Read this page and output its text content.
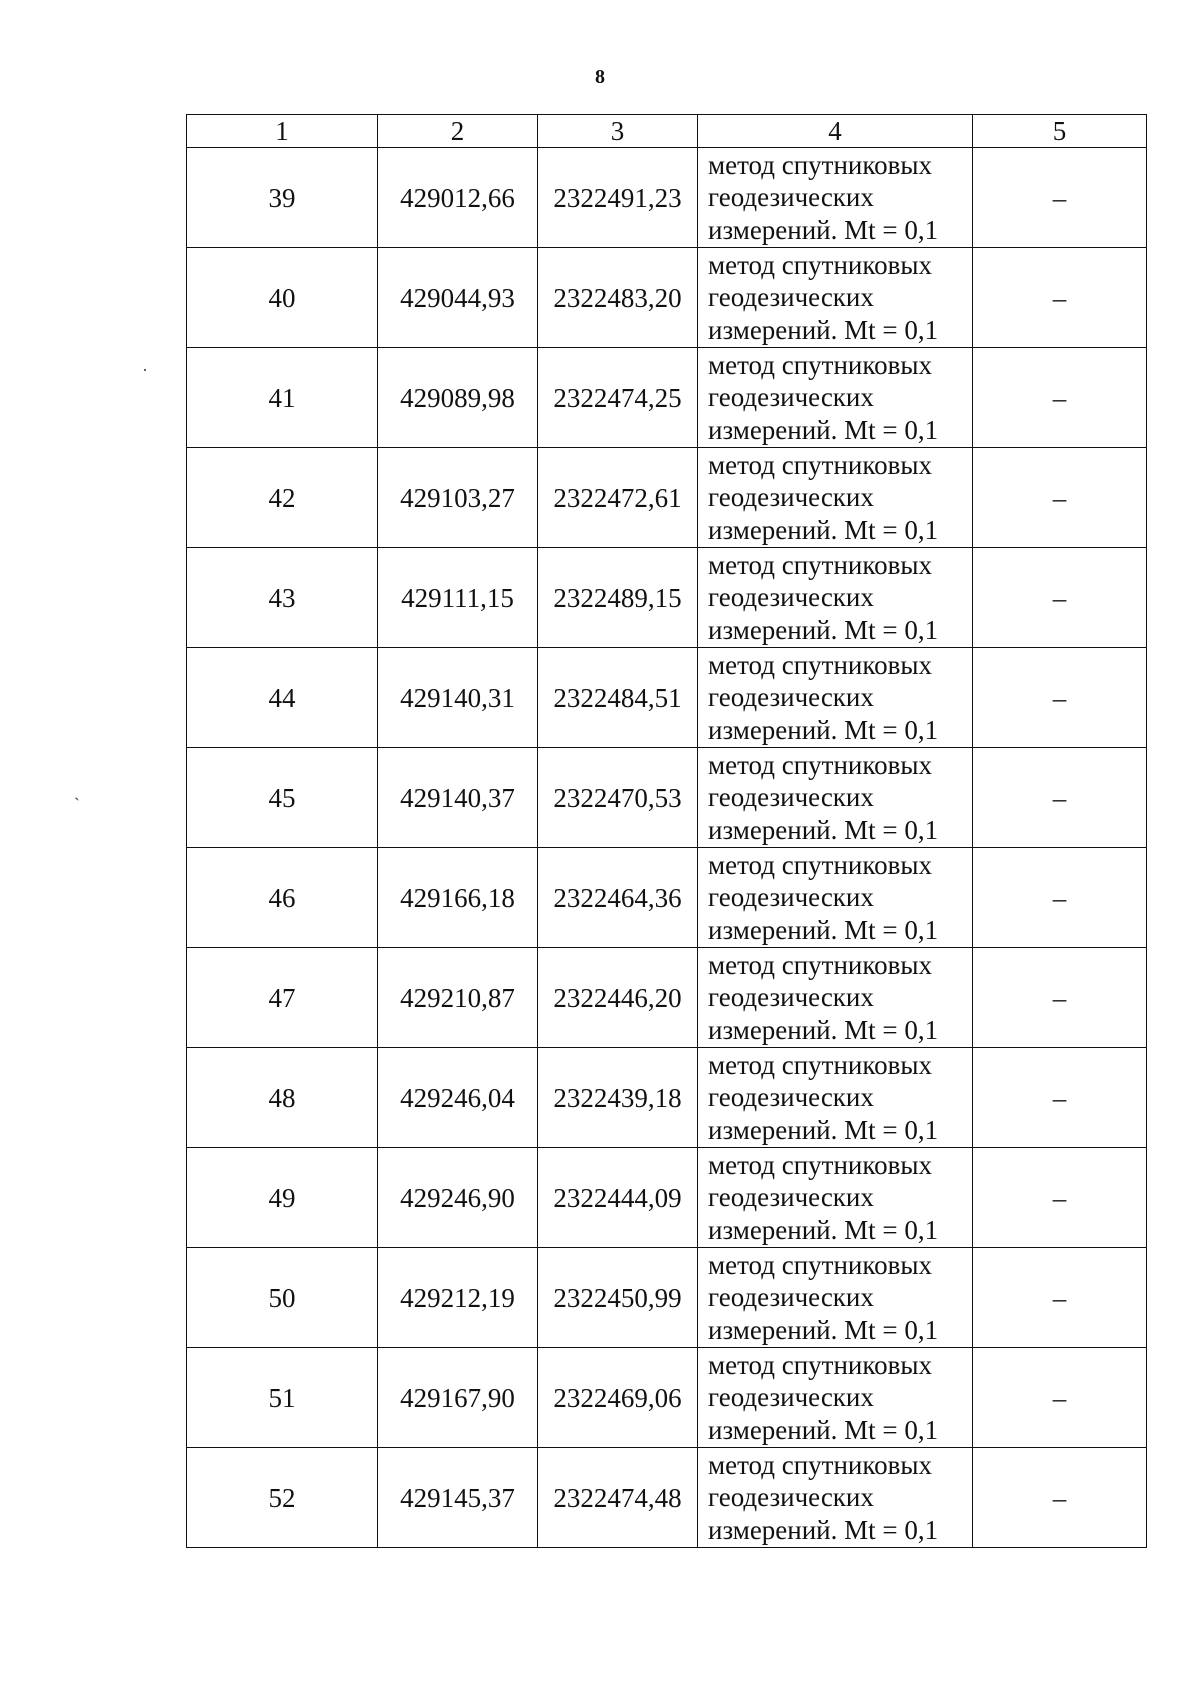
8
·
˴
1	2	3	4	5
39	429012,66	2322491,23	метод спутниковых
геодезических
измерений. Mt = 0,1	–
40	429044,93	2322483,20	метод спутниковых
геодезических
измерений. Mt = 0,1	–
41	429089,98	2322474,25	метод спутниковых
геодезических
измерений. Mt = 0,1	–
42	429103,27	2322472,61	метод спутниковых
геодезических
измерений. Mt = 0,1	–
43	429111,15	2322489,15	метод спутниковых
геодезических
измерений. Mt = 0,1	–
44	429140,31	2322484,51	метод спутниковых
геодезических
измерений. Mt = 0,1	–
45	429140,37	2322470,53	метод спутниковых
геодезических
измерений. Mt = 0,1	–
46	429166,18	2322464,36	метод спутниковых
геодезических
измерений. Mt = 0,1	–
47	429210,87	2322446,20	метод спутниковых
геодезических
измерений. Mt = 0,1	–
48	429246,04	2322439,18	метод спутниковых
геодезических
измерений. Mt = 0,1	–
49	429246,90	2322444,09	метод спутниковых
геодезических
измерений. Mt = 0,1	–
50	429212,19	2322450,99	метод спутниковых
геодезических
измерений. Mt = 0,1	–
51	429167,90	2322469,06	метод спутниковых
геодезических
измерений. Mt = 0,1	–
52	429145,37	2322474,48	метод спутниковых
геодезических
измерений. Mt = 0,1	–
